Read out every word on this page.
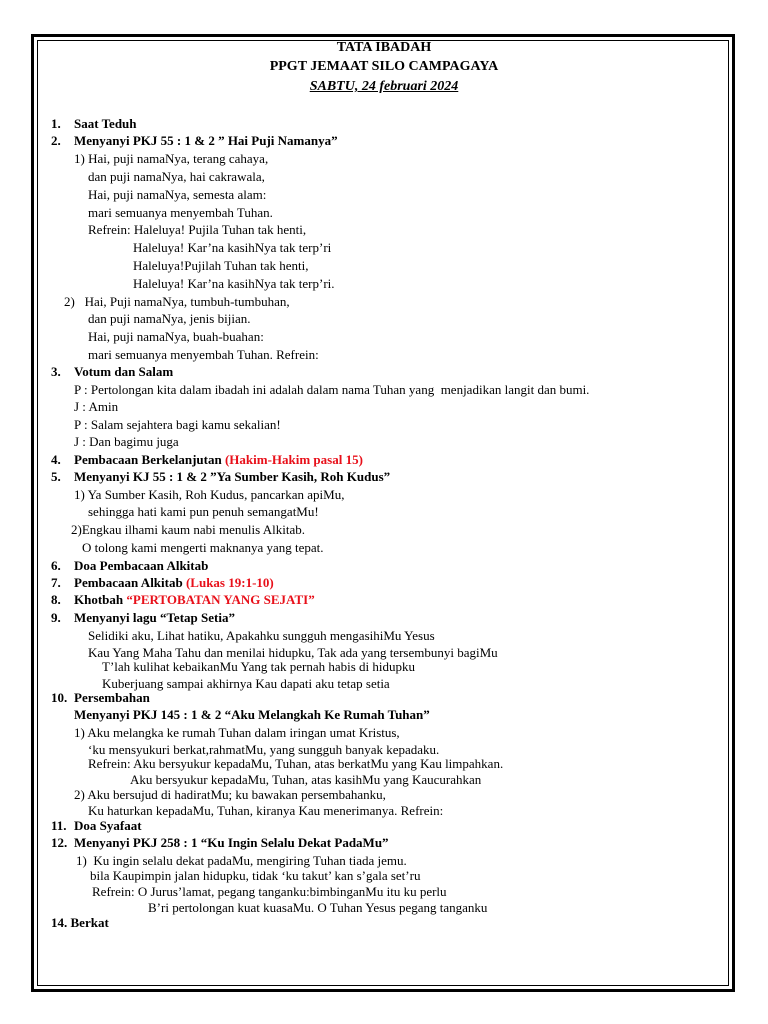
TATA IBADAH
PPGT JEMAAT SILO CAMPAGAYA
SABTU, 24 februari 2024
1. Saat Teduh
2. Menyanyi PKJ 55 : 1 & 2 ” Hai Puji Namanya”
1) Hai, puji namaNya, terang cahaya,
dan puji namaNya, hai cakrawala,
Hai, puji namaNya, semesta alam:
mari semuanya menyembah Tuhan.
Refrein: Haleluya! Pujila Tuhan tak henti,
Haleluya! Kar’na kasihNya tak terp’ri
Haleluya!Pujilah Tuhan tak henti,
Haleluya! Kar’na kasihNya tak terp’ri.
2)   Hai, Puji namaNya, tumbuh-tumbuhan,
dan puji namaNya, jenis bijian.
Hai, puji namaNya, buah-buahan:
mari semuanya menyembah Tuhan. Refrein:
3. Votum dan Salam
P : Pertolongan kita dalam ibadah ini adalah dalam nama Tuhan yang  menjadikan langit dan bumi.
J : Amin
P : Salam sejahtera bagi kamu sekalian!
J : Dan bagimu juga
4. Pembacaan Berkelanjutan (Hakim-Hakim pasal 15)
5. Menyanyi KJ 55 : 1 & 2 ”Ya Sumber Kasih, Roh Kudus”
1) Ya Sumber Kasih, Roh Kudus, pancarkan apiMu,
sehingga hati kami pun penuh semangatMu!
2)Engkau ilhami kaum nabi menulis Alkitab.
O tolong kami mengerti maknanya yang tepat.
6. Doa Pembacaan Alkitab
7. Pembacaan Alkitab (Lukas 19:1-10)
8. Khotbah “PERTOBATAN YANG SEJATI”
9. Menyanyi lagu “Tetap Setia”
Selidiki aku, Lihat hatiku, Apakahku sungguh mengasihiMu Yesus
Kau Yang Maha Tahu dan menilai hidupku, Tak ada yang tersembunyi bagiMu
T’lah kulihat kebaikanMu Yang tak pernah habis di hidupku
Kuberjuang sampai akhirnya Kau dapati aku tetap setia
10. Persembahan
Menyanyi PKJ 145 : 1 & 2 “Aku Melangkah Ke Rumah Tuhan”
1) Aku melangka ke rumah Tuhan dalam iringan umat Kristus,
‘ku mensyukuri berkat,rahmatMu, yang sungguh banyak kepadaku.
Refrein: Aku bersyukur kepadaMu, Tuhan, atas berkatMu yang Kau limpahkan.
Aku bersyukur kepadaMu, Tuhan, atas kasihMu yang Kaucurahkan
2) Aku bersujud di hadiratMu; ku bawakan persembahanku,
Ku haturkan kepadaMu, Tuhan, kiranya Kau menerimanya. Refrein:
11. Doa Syafaat
12. Menyanyi PKJ 258 : 1 “Ku Ingin Selalu Dekat PadaMu”
1)  Ku ingin selalu dekat padaMu, mengiring Tuhan tiada jemu.
bila Kaupimpin jalan hidupku, tidak ‘ku takut’ kan s’gala set’ru
Refrein: O Jurus’lamat, pegang tanganku:bimbinganMu itu ku perlu
B’ri pertolongan kuat kuasaMu. O Tuhan Yesus pegang tanganku
14. Berkat
